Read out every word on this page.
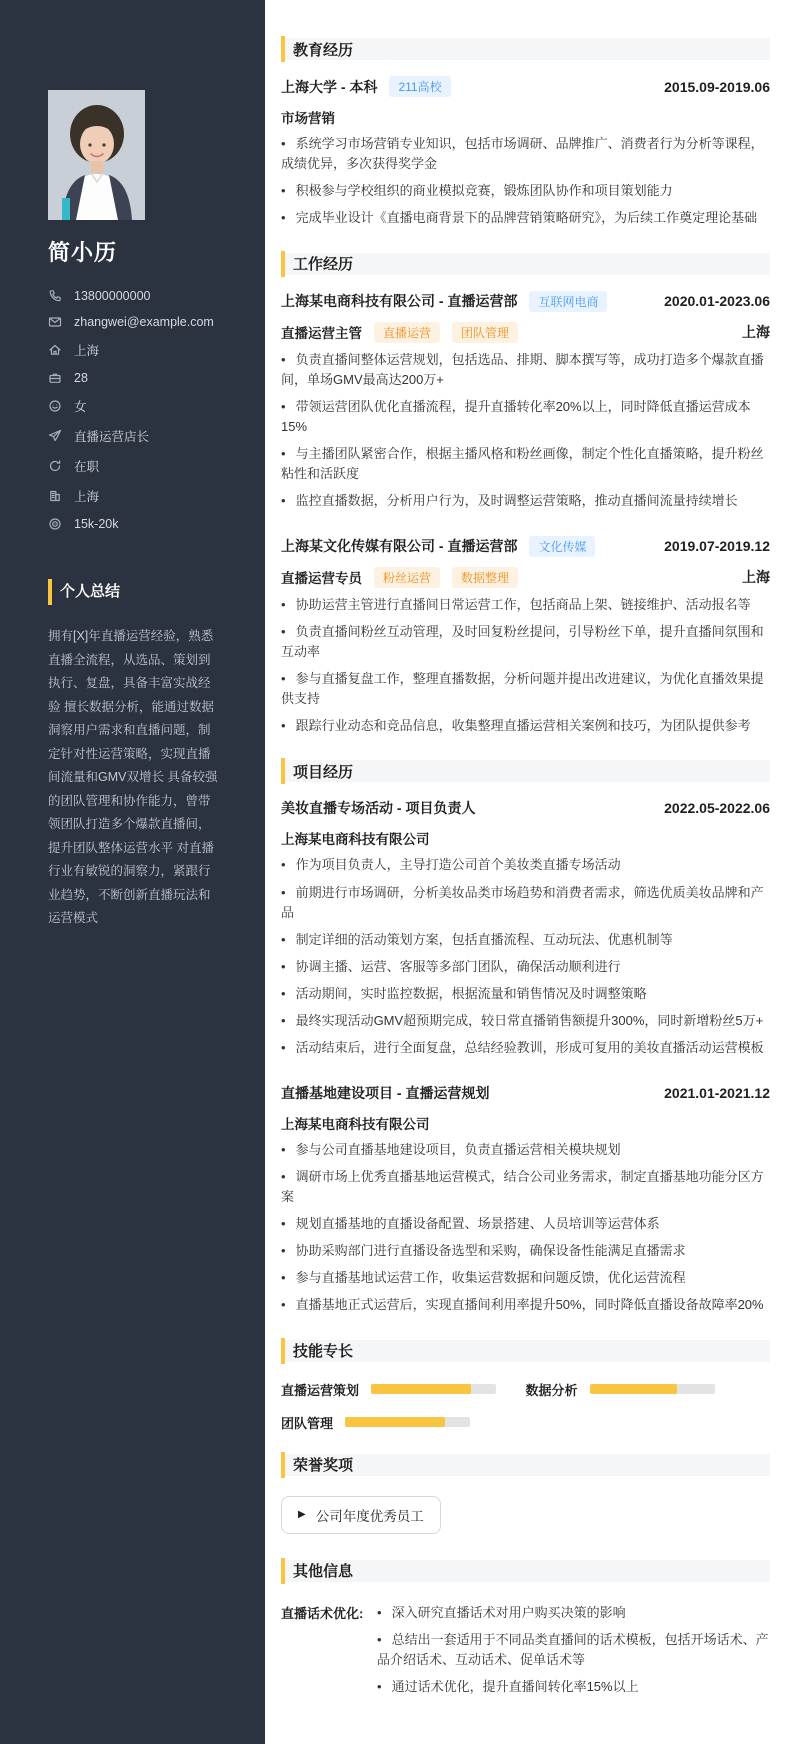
简小历
13800000000
zhangwei@example.com
上海
28
女
直播运营店长
在职
上海
15k-20k
个人总结

拥有[X]年直播运营经验，熟悉直播全流程，从选品、策划到执行、复盘，具备丰富实战经验 擅长数据分析，能通过数据洞察用户需求和直播问题，制定针对性运营策略，实现直播间流量和GMV双增长 具备较强的团队管理和协作能力，曾带领团队打造多个爆款直播间，提升团队整体运营水平 对直播行业有敏锐的洞察力，紧跟行业趋势，不断创新直播玩法和运营模式

教育经历
上海大学 - 本科	211高校	2015.09-2019.06
市场营销
• 系统学习市场营销专业知识，包括市场调研、品牌推广、消费者行为分析等课程，成绩优异，多次获得奖学金
• 积极参与学校组织的商业模拟竞赛，锻炼团队协作和项目策划能力
• 完成毕业设计《直播电商背景下的品牌营销策略研究》，为后续工作奠定理论基础
工作经历
上海某电商科技有限公司 - 直播运营部	互联网电商	2020.01-2023.06
直播运营主管	直播运营	团队管理	上海
• 负责直播间整体运营规划，包括选品、排期、脚本撰写等，成功打造多个爆款直播间，单场GMV最高达200万+
• 带领运营团队优化直播流程，提升直播转化率20%以上，同时降低直播运营成本15%
• 与主播团队紧密合作，根据主播风格和粉丝画像，制定个性化直播策略，提升粉丝粘性和活跃度
• 监控直播数据，分析用户行为，及时调整运营策略，推动直播间流量持续增长
上海某文化传媒有限公司 - 直播运营部	文化传媒	2019.07-2019.12
直播运营专员	粉丝运营	数据整理	上海
• 协助运营主管进行直播间日常运营工作，包括商品上架、链接维护、活动报名等
• 负责直播间粉丝互动管理，及时回复粉丝提问，引导粉丝下单，提升直播间氛围和互动率
• 参与直播复盘工作，整理直播数据，分析问题并提出改进建议，为优化直播效果提供支持
• 跟踪行业动态和竞品信息，收集整理直播运营相关案例和技巧，为团队提供参考
项目经历
美妆直播专场活动 - 项目负责人	2022.05-2022.06
上海某电商科技有限公司
• 作为项目负责人，主导打造公司首个美妆类直播专场活动
• 前期进行市场调研，分析美妆品类市场趋势和消费者需求，筛选优质美妆品牌和产品
• 制定详细的活动策划方案，包括直播流程、互动玩法、优惠机制等
• 协调主播、运营、客服等多部门团队，确保活动顺利进行
• 活动期间，实时监控数据，根据流量和销售情况及时调整策略
• 最终实现活动GMV超预期完成，较日常直播销售额提升300%，同时新增粉丝5万+
• 活动结束后，进行全面复盘，总结经验教训，形成可复用的美妆直播活动运营模板
直播基地建设项目 - 直播运营规划	2021.01-2021.12
上海某电商科技有限公司
• 参与公司直播基地建设项目，负责直播运营相关模块规划
• 调研市场上优秀直播基地运营模式，结合公司业务需求，制定直播基地功能分区方案
• 规划直播基地的直播设备配置、场景搭建、人员培训等运营体系
• 协助采购部门进行直播设备选型和采购，确保设备性能满足直播需求
• 参与直播基地试运营工作，收集运营数据和问题反馈，优化运营流程
• 直播基地正式运营后，实现直播间利用率提升50%，同时降低直播设备故障率20%
技能专长
直播运营策划	数据分析
团队管理
荣誉奖项
▶ 公司年度优秀员工
其他信息
直播话术优化:	• 深入研究直播话术对用户购买决策的影响
• 总结出一套适用于不同品类直播间的话术模板，包括开场话术、产品介绍话术、互动话术、促单话术等
• 通过话术优化，提升直播间转化率15%以上
